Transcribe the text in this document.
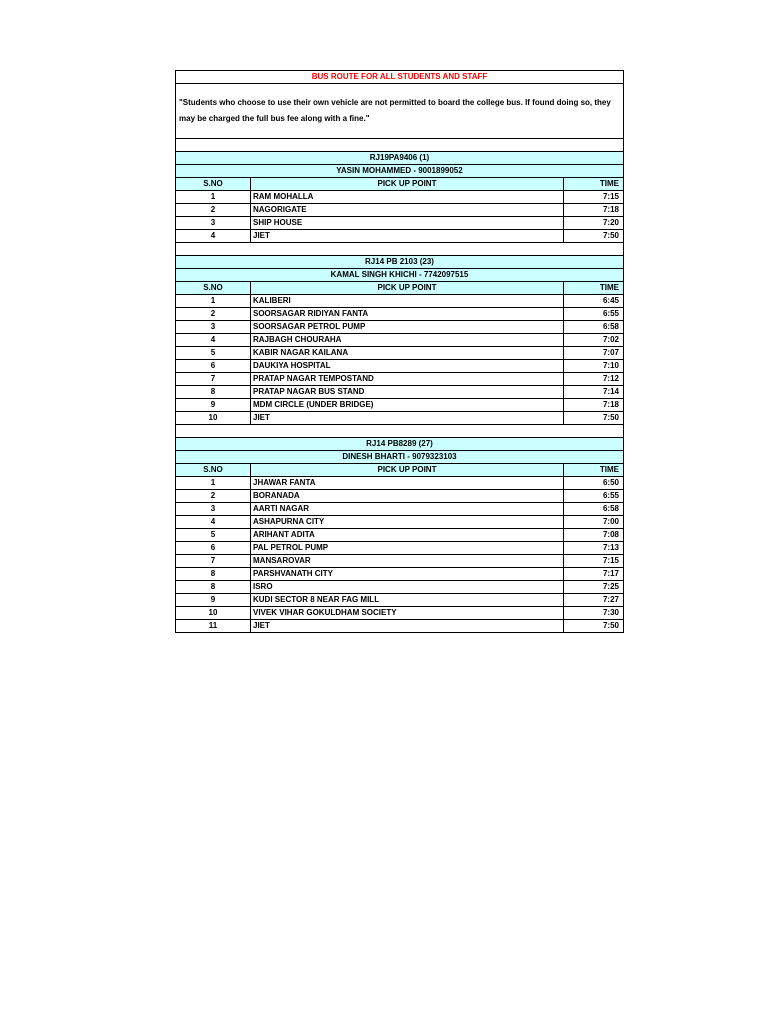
BUS ROUTE FOR ALL STUDENTS AND STAFF		
"Students who choose to use their own vehicle are not permitted to board the college bus. If found doing so, they may be charged the full bus fee along with a fine."		

RJ19PA9406 (1)		
YASIN MOHAMMED - 9001899052		
S.NO	PICK UP POINT	TIME
1	RAM MOHALLA	7:15
2	NAGORIGATE	7:18
3	SHIP HOUSE	7:20
4	JIET	7:50

RJ14 PB 2103 (23)		
KAMAL SINGH KHICHI - 7742097515		
S.NO	PICK UP POINT	TIME
1	KALIBERI	6:45
2	SOORSAGAR RIDIYAN FANTA	6:55
3	SOORSAGAR PETROL PUMP	6:58
4	RAJBAGH CHOURAHA	7:02
5	KABIR NAGAR KAILANA	7:07
6	DAUKIYA HOSPITAL	7:10
7	PRATAP NAGAR TEMPOSTAND	7:12
8	PRATAP NAGAR BUS STAND	7:14
9	MDM CIRCLE (UNDER BRIDGE)	7:18
10	JIET	7:50

RJ14 PB8289 (27)		
DINESH BHARTI - 9079323103		
S.NO	PICK UP POINT	TIME
1	JHAWAR FANTA	6:50
2	BORANADA	6:55
3	AARTI NAGAR	6:58
4	ASHAPURNA CITY	7:00
5	ARIHANT ADITA	7:08
6	PAL PETROL PUMP	7:13
7	MANSAROVAR	7:15
8	PARSHVANATH CITY	7:17
8	ISRO	7:25
9	KUDI SECTOR 8 NEAR FAG MILL	7:27
10	VIVEK VIHAR GOKULDHAM SOCIETY	7:30
11	JIET	7:50
